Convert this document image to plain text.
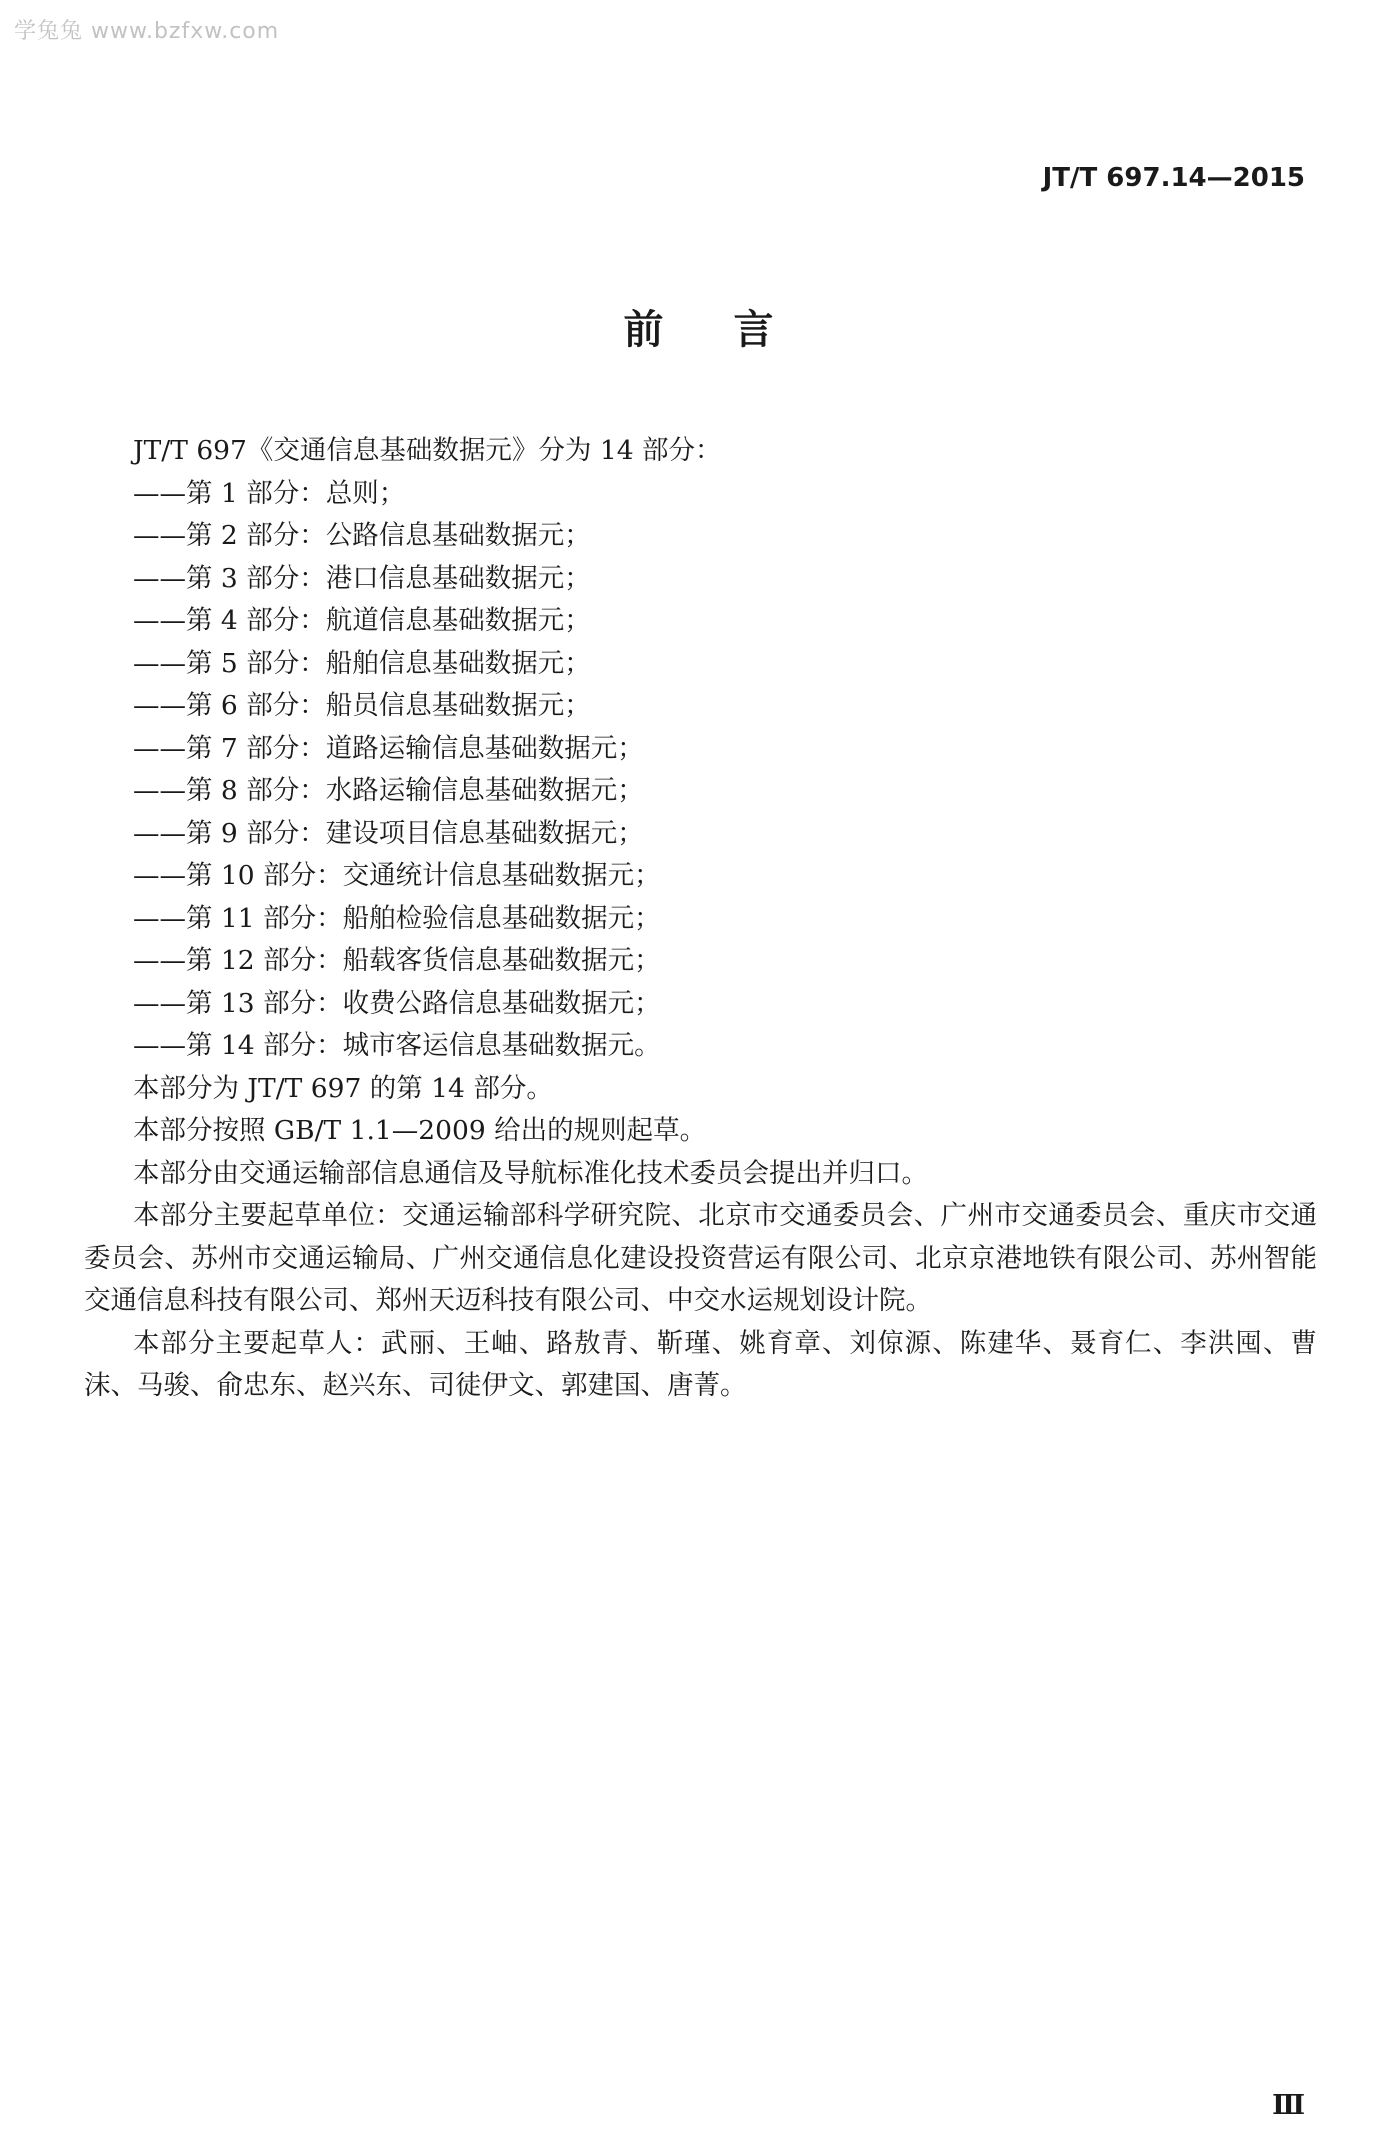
学兔兔 www.bzfxw.com
JT/T 697.14—2015
前言

JT/T 697《交通信息基础数据元》分为 14 部分：

——第 1 部分：总则；

——第 2 部分：公路信息基础数据元；

——第 3 部分：港口信息基础数据元；

——第 4 部分：航道信息基础数据元；

——第 5 部分：船舶信息基础数据元；

——第 6 部分：船员信息基础数据元；

——第 7 部分：道路运输信息基础数据元；

——第 8 部分：水路运输信息基础数据元；

——第 9 部分：建设项目信息基础数据元；

——第 10 部分：交通统计信息基础数据元；

——第 11 部分：船舶检验信息基础数据元；

——第 12 部分：船载客货信息基础数据元；

——第 13 部分：收费公路信息基础数据元；

——第 14 部分：城市客运信息基础数据元。

本部分为 JT/T 697 的第 14 部分。

本部分按照 GB/T 1.1—2009 给出的规则起草。

本部分由交通运输部信息通信及导航标准化技术委员会提出并归口。

本部分主要起草单位：交通运输部科学研究院、北京市交通委员会、广州市交通委员会、重庆市交通委员会、苏州市交通运输局、广州交通信息化建设投资营运有限公司、北京京港地铁有限公司、苏州智能交通信息科技有限公司、郑州天迈科技有限公司、中交水运规划设计院。

本部分主要起草人：武丽、王岫、路敖青、靳瑾、姚育章、刘倞源、陈建华、聂育仁、李洪囤、曹沫、马骏、俞忠东、赵兴东、司徒伊文、郭建国、唐菁。

Ⅲ
